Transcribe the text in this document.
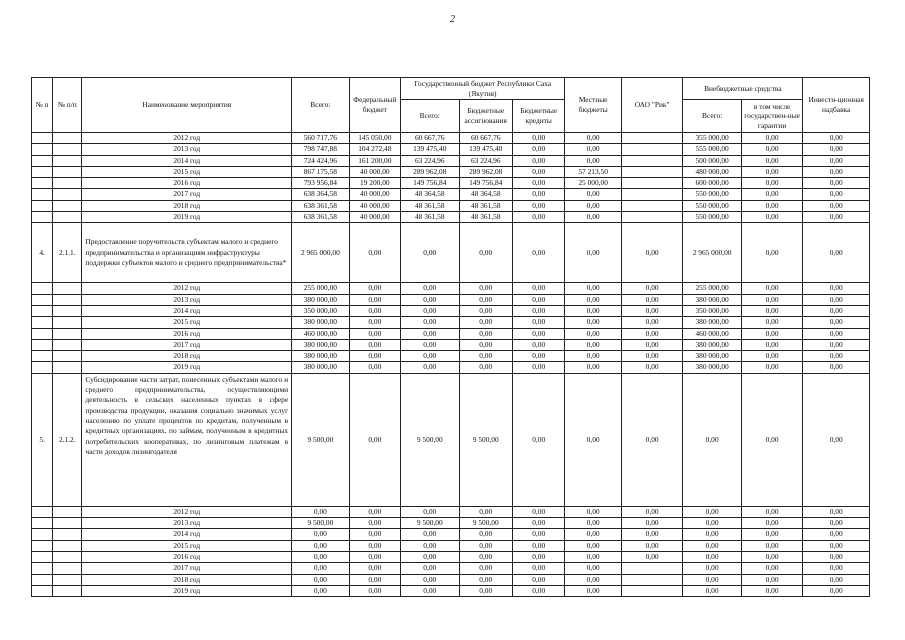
2
№ п	№ п/п	Наименование мероприятия	Всего:	Федеральный бюджет	Государственный бюджет Республики Саха (Якутия)			Местные бюджеты	ОАО "Рик"	Внебюджетные средства		Инвести-ционная надбавка
					Всего:	Бюджетные ассигнования	Бюджетные кредиты			Всего:	в том числе государствен-ные гарантии	
		2012 год	560 717,76	145 050,00	60 667,76	60 667,76	0,00	0,00		355 000,00	0,00	0,00
		2013 год	798 747,88	104 272,48	139 475,40	139 475,40	0,00	0,00		555 000,00	0,00	0,00
		2014 год	724 424,96	161 200,00	63 224,96	63 224,96	0,00	0,00		500 000,00	0,00	0,00
		2015 год	867 175,58	40 000,00	289 962,08	289 962,08	0,00	57 213,50		480 000,00	0,00	0,00
		2016 год	793 956,84	19 200,00	149 756,84	149 756,84	0,00	25 000,00		600 000,00	0,00	0,00
		2017 год	638 364,58	40 000,00	48 364,58	48 364,58	0,00	0,00		550 000,00	0,00	0,00
		2018 год	638 361,58	40 000,00	48 361,58	48 361,58	0,00	0,00		550 000,00	0,00	0,00
		2019 год	638 361,58	40 000,00	48 361,58	48 361,58	0,00	0,00		550 000,00	0,00	0,00
4.	2.1.1.	Предоставление поручительств субъектам малого и среднего предпринимательства и организациям инфраструктуры поддержки субъектов малого и среднего предпринимательства*	2 965 000,00	0,00	0,00	0,00	0,00	0,00	0,00	2 965 000,00	0,00	0,00
		2012 год	255 000,00	0,00	0,00	0,00	0,00	0,00	0,00	255 000,00	0,00	0,00
		2013 год	380 000,00	0,00	0,00	0,00	0,00	0,00	0,00	380 000,00	0,00	0,00
		2014 год	350 000,00	0,00	0,00	0,00	0,00	0,00	0,00	350 000,00	0,00	0,00
		2015 год	380 000,00	0,00	0,00	0,00	0,00	0,00	0,00	380 000,00	0,00	0,00
		2016 год	460 000,00	0,00	0,00	0,00	0,00	0,00	0,00	460 000,00	0,00	0,00
		2017 год	380 000,00	0,00	0,00	0,00	0,00	0,00	0,00	380 000,00	0,00	0,00
		2018 год	380 000,00	0,00	0,00	0,00	0,00	0,00	0,00	380 000,00	0,00	0,00
		2019 год	380 000,00	0,00	0,00	0,00	0,00	0,00	0,00	380 000,00	0,00	0,00
5.	2.1.2.	Субсидирование части затрат, понесенных субъектами малого и среднего предпринимательства, осуществляющими деятельность в сельских населенных пунктах в сфере производства продукции, оказания социально значимых услуг населению по уплате процентов по кредитам, полученным в кредитных организациях, по займам, полученным в кредитных потребительских кооперативах, по лизинговым платежам в части доходов лизингодателя	9 500,00	0,00	9 500,00	9 500,00	0,00	0,00	0,00	0,00	0,00	0,00
		2012 год	0,00	0,00	0,00	0,00	0,00	0,00	0,00	0,00	0,00	0,00
		2013 год	9 500,00	0,00	9 500,00	9 500,00	0,00	0,00	0,00	0,00	0,00	0,00
		2014 год	0,00	0,00	0,00	0,00	0,00	0,00	0,00	0,00	0,00	0,00
		2015 год	0,00	0,00	0,00	0,00	0,00	0,00	0,00	0,00	0,00	0,00
		2016 год	0,00	0,00	0,00	0,00	0,00	0,00	0,00	0,00	0,00	0,00
		2017 год	0,00	0,00	0,00	0,00	0,00	0,00		0,00	0,00	0,00
		2018 год	0,00	0,00	0,00	0,00	0,00	0,00		0,00	0,00	0,00
		2019 год	0,00	0,00	0,00	0,00	0,00	0,00		0,00	0,00	0,00
